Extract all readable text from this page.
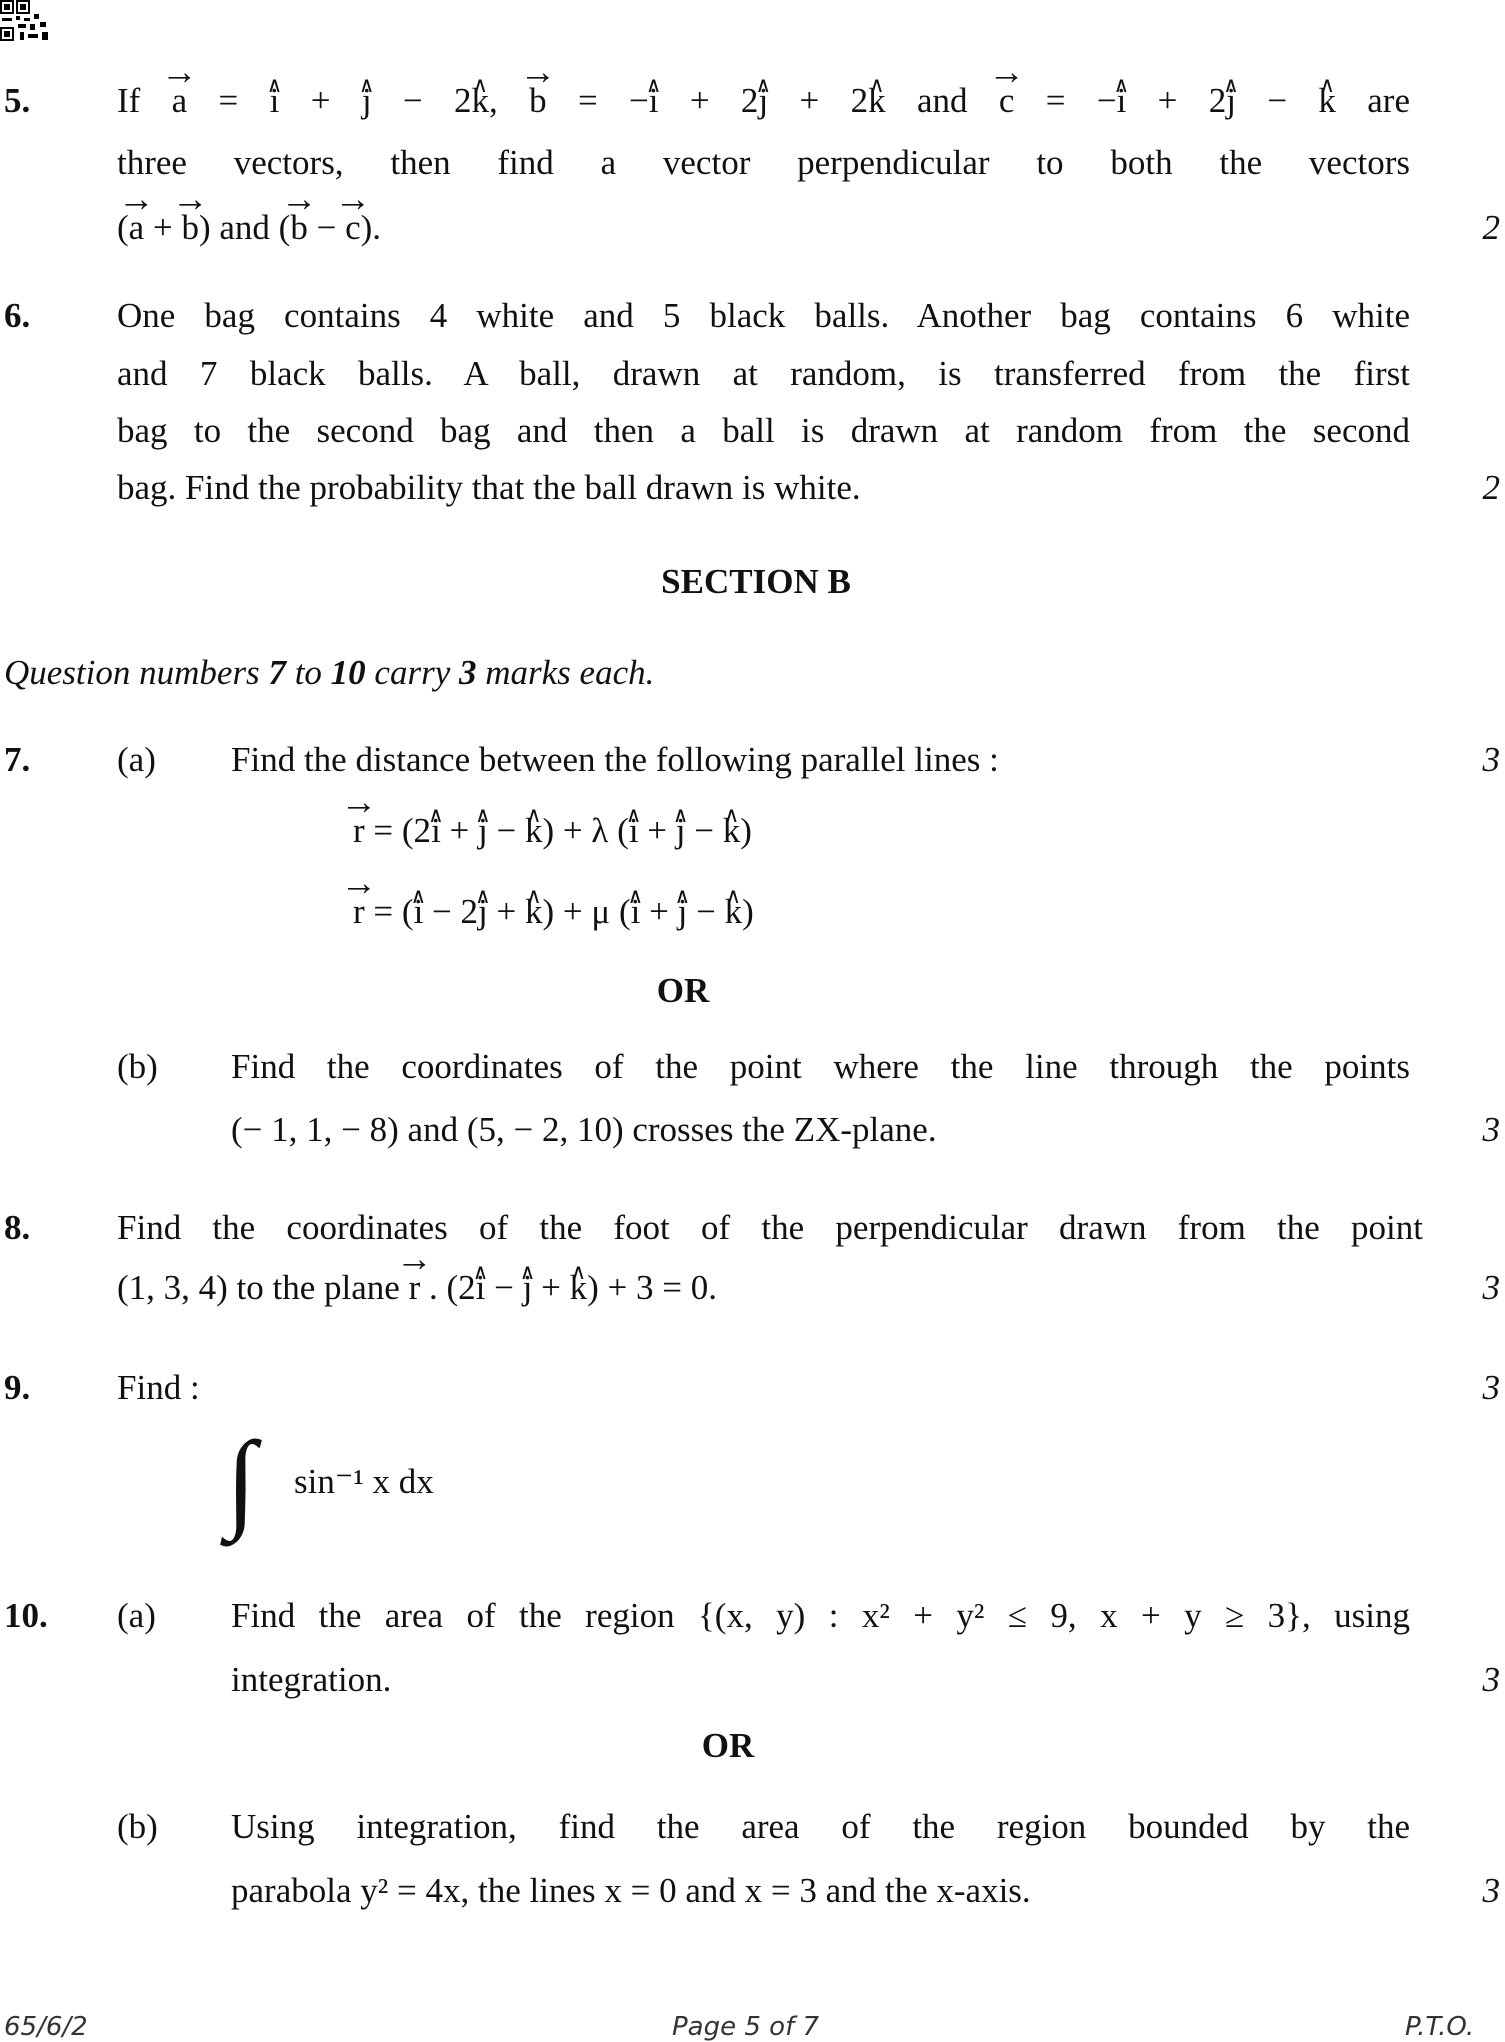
5. If → a = ∧ i + ∧ j − 2∧ k, → b = −∧ i + 2∧ j + 2∧ k and → c = −∧ i + 2∧ j − ∧ k are
three vectors, then find a vector perpendicular to both the vectors
(→ a + → b) and (→ b − → c).	2
6. One bag contains 4 white and 5 black balls. Another bag contains 6 white
and 7 black balls. A ball, drawn at random, is transferred from the first
bag to the second bag and then a ball is drawn at random from the second
bag. Find the probability that the ball drawn is white.	2
SECTION B
Question numbers 7 to 10 carry 3 marks each.
7. (a) Find the distance between the following parallel lines :	3
→ r = (2∧ i + ∧ j − ∧ k) + λ (∧ i + ∧ j − ∧ k)
→ r = (∧ i − 2∧ j + ∧ k) + μ (∧ i + ∧ j − ∧ k)
OR
(b) Find the coordinates of the point where the line through the points
(− 1, 1, − 8) and (5, − 2, 10) crosses the ZX-plane.	3
8. Find the coordinates of the foot of the perpendicular drawn from the point
(1, 3, 4) to the plane → r . (2∧ i − ∧ j + ∧ k) + 3 = 0.	3
9. Find :	3
∫ sin⁻¹ x dx
10. (a) Find the area of the region {(x, y) : x² + y² ≤ 9, x + y ≥ 3}, using
integration.	3
OR
(b) Using integration, find the area of the region bounded by the
parabola y² = 4x, the lines x = 0 and x = 3 and the x-axis.	3
65/6/2	Page 5 of 7	P.T.O.
